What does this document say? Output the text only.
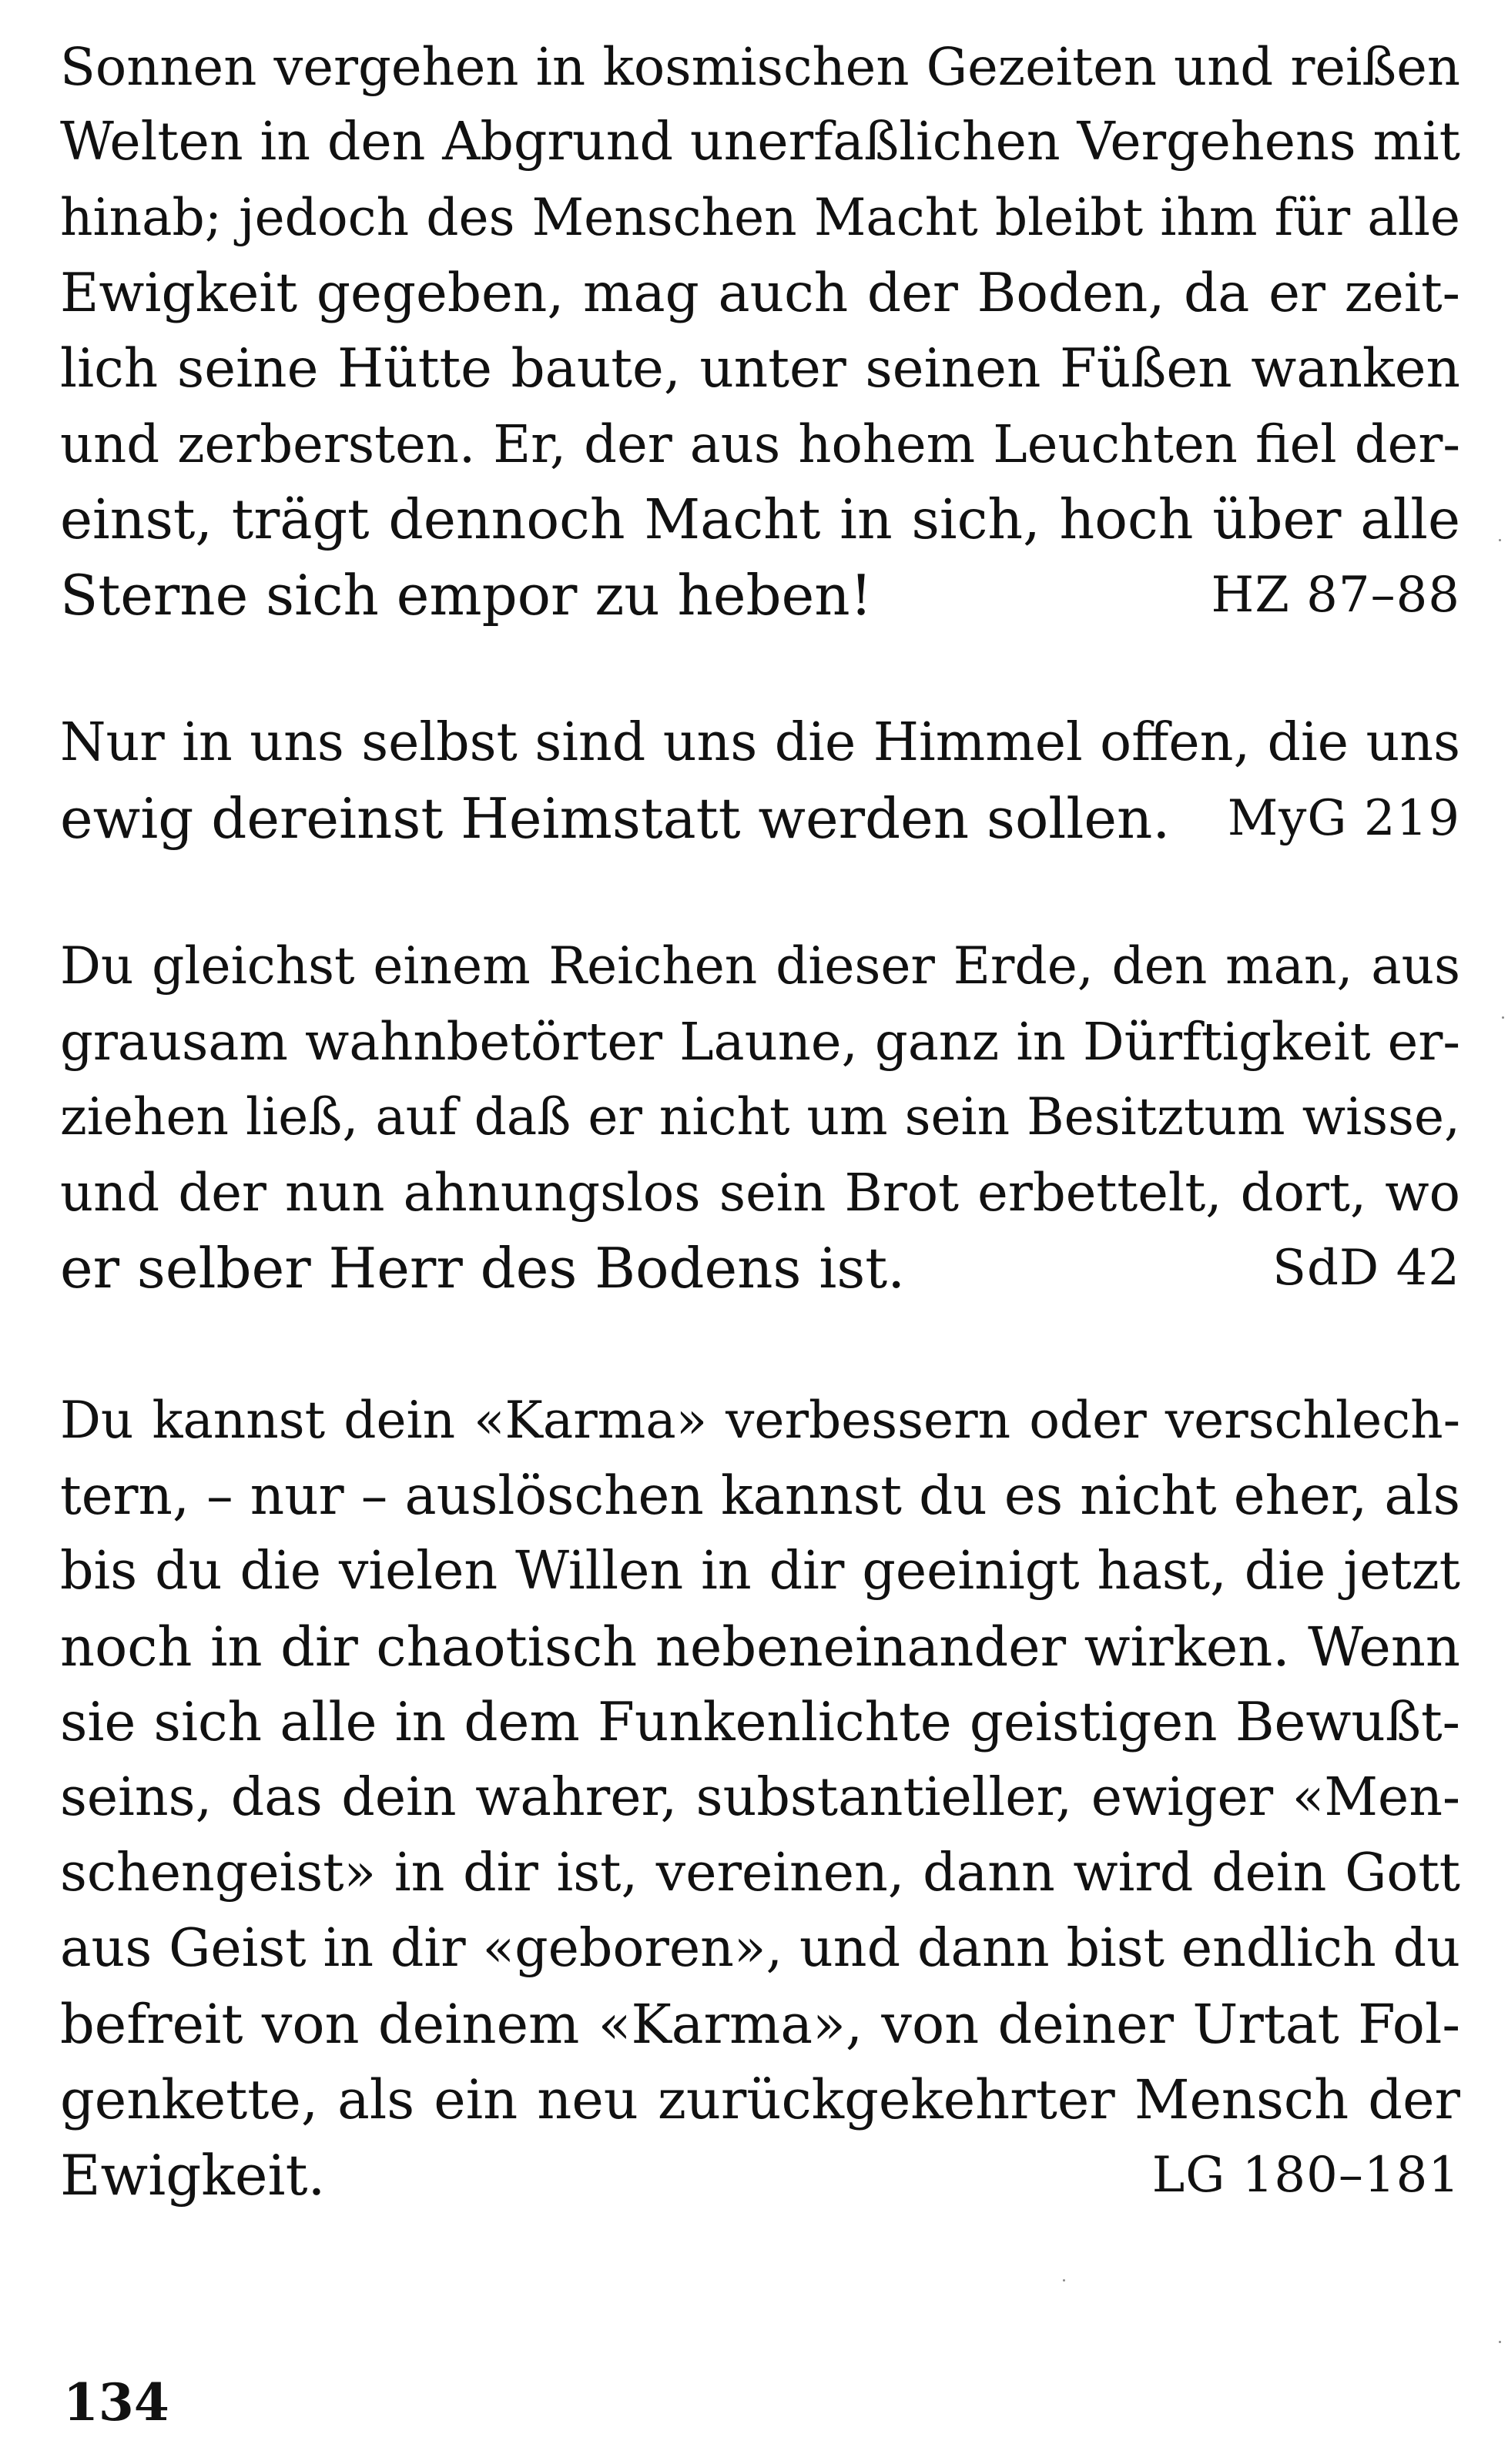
Sonnen vergehen in kosmischen Gezeiten und reißen
Welten in den Abgrund unerfaßlichen Vergehens mit
hinab; jedoch des Menschen Macht bleibt ihm für alle
Ewigkeit gegeben, mag auch der Boden, da er zeit-
lich seine Hütte baute, unter seinen Füßen wanken
und zerbersten. Er, der aus hohem Leuchten fiel der-
einst, trägt dennoch Macht in sich, hoch über alle
Sterne sich empor zu heben!	HZ 87–88
Nur in uns selbst sind uns die Himmel offen, die uns
ewig dereinst Heimstatt werden sollen. MyG 219
Du gleichst einem Reichen dieser Erde, den man, aus
grausam wahnbetörter Laune, ganz in Dürftigkeit er-
ziehen ließ, auf daß er nicht um sein Besitztum wisse,
und der nun ahnungslos sein Brot erbettelt, dort, wo
er selber Herr des Bodens ist.	SdD 42
Du kannst dein «Karma» verbessern oder verschlech-
tern, – nur – auslöschen kannst du es nicht eher, als
bis du die vielen Willen in dir geeinigt hast, die jetzt
noch in dir chaotisch nebeneinander wirken. Wenn
sie sich alle in dem Funkenlichte geistigen Bewußt-
seins, das dein wahrer, substantieller, ewiger «Men-
schengeist» in dir ist, vereinen, dann wird dein Gott
aus Geist in dir «geboren», und dann bist endlich du
befreit von deinem «Karma», von deiner Urtat Fol-
genkette, als ein neu zurückgekehrter Mensch der
Ewigkeit.	LG 180–181
134
